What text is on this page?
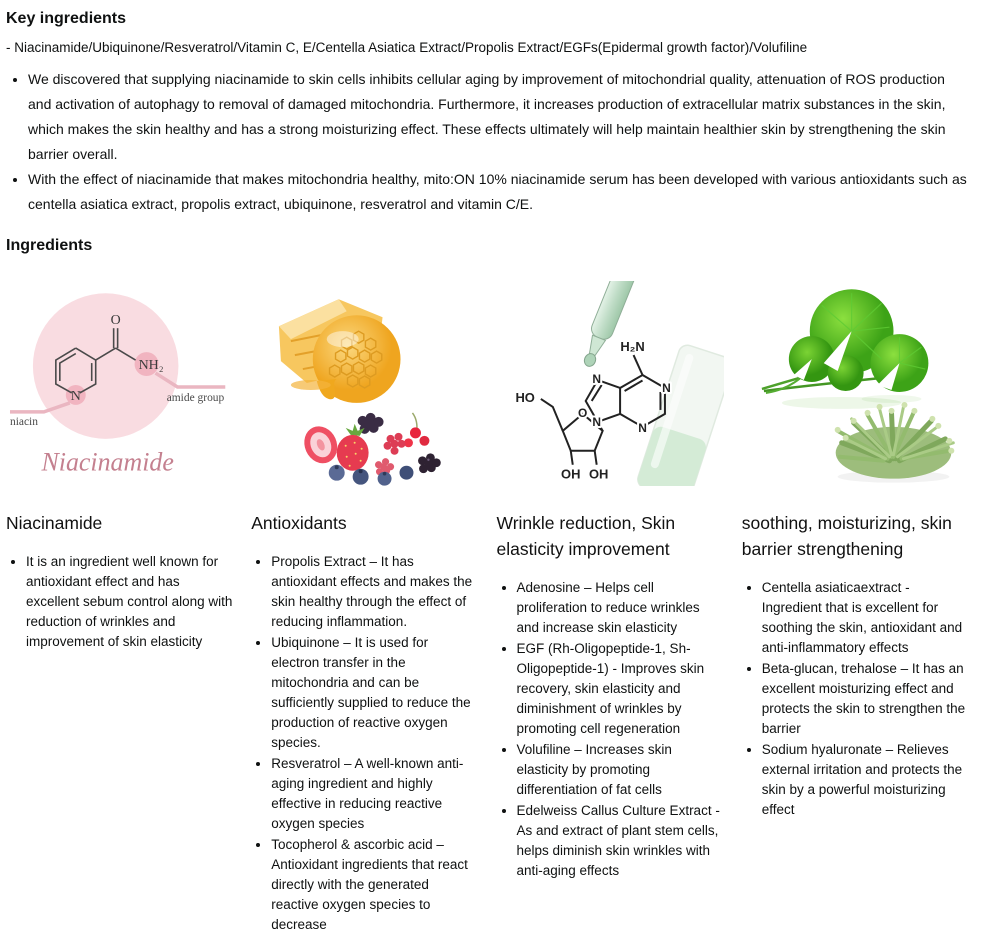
Key ingredients

- Niacinamide/Ubiquinone/Resveratrol/Vitamin C, E/Centella Asiatica Extract/Propolis Extract/EGFs(Epidermal growth factor)/Volufiline

• We discovered that supplying niacinamide to skin cells inhibits cellular aging by improvement of mitochondrial quality, attenuation of ROS production and activation of autophagy to removal of damaged mitochondria. Furthermore, it increases production of extracellular matrix substances in the skin, which makes the skin healthy and has a strong moisturizing effect. These effects ultimately will help maintain healthier skin by strengthening the skin barrier overall.
• With the effect of niacinamide that makes mitochondria healthy, mito:ON 10% niacinamide serum has been developed with various antioxidants such as centella asiatica extract, propolis extract, ubiquinone, resveratrol and vitamin C/E.
Ingredients
N
O
NH₂
amide group
niacin
Niacinamide
Niacinamide
• It is an ingredient well known for antioxidant effect and has excellent sebum control along with reduction of wrinkles and improvement of skin elasticity
Antioxidants
• Propolis Extract – It has antioxidant effects and makes the skin healthy through the effect of reducing inflammation.
• Ubiquinone – It is used for electron transfer in the mitochondria and can be sufficiently supplied to reduce the production of reactive oxygen species.
• Resveratrol – A well-known anti-aging ingredient and highly effective in reducing reactive oxygen species
• Tocopherol & ascorbic acid – Antioxidant ingredients that react directly with the generated reactive oxygen species to decrease
H₂N
N
N
N
N
O
HO
OH OH
Wrinkle reduction, Skin elasticity improvement
• Adenosine – Helps cell proliferation to reduce wrinkles and increase skin elasticity
• EGF (Rh-Oligopeptide-1, Sh-Oligopeptide-1) - Improves skin recovery, skin elasticity and diminishment of wrinkles by promoting cell regeneration
• Volufiline – Increases skin elasticity by promoting differentiation of fat cells
• Edelweiss Callus Culture Extract - As and extract of plant stem cells, helps diminish skin wrinkles with anti-aging effects
soothing, moisturizing, skin barrier strengthening
• Centella asiaticaextract - Ingredient that is excellent for soothing the skin, antioxidant and anti-inflammatory effects
• Beta-glucan, trehalose – It has an excellent moisturizing effect and protects the skin to strengthen the barrier
• Sodium hyaluronate – Relieves external irritation and protects the skin by a powerful moisturizing effect
